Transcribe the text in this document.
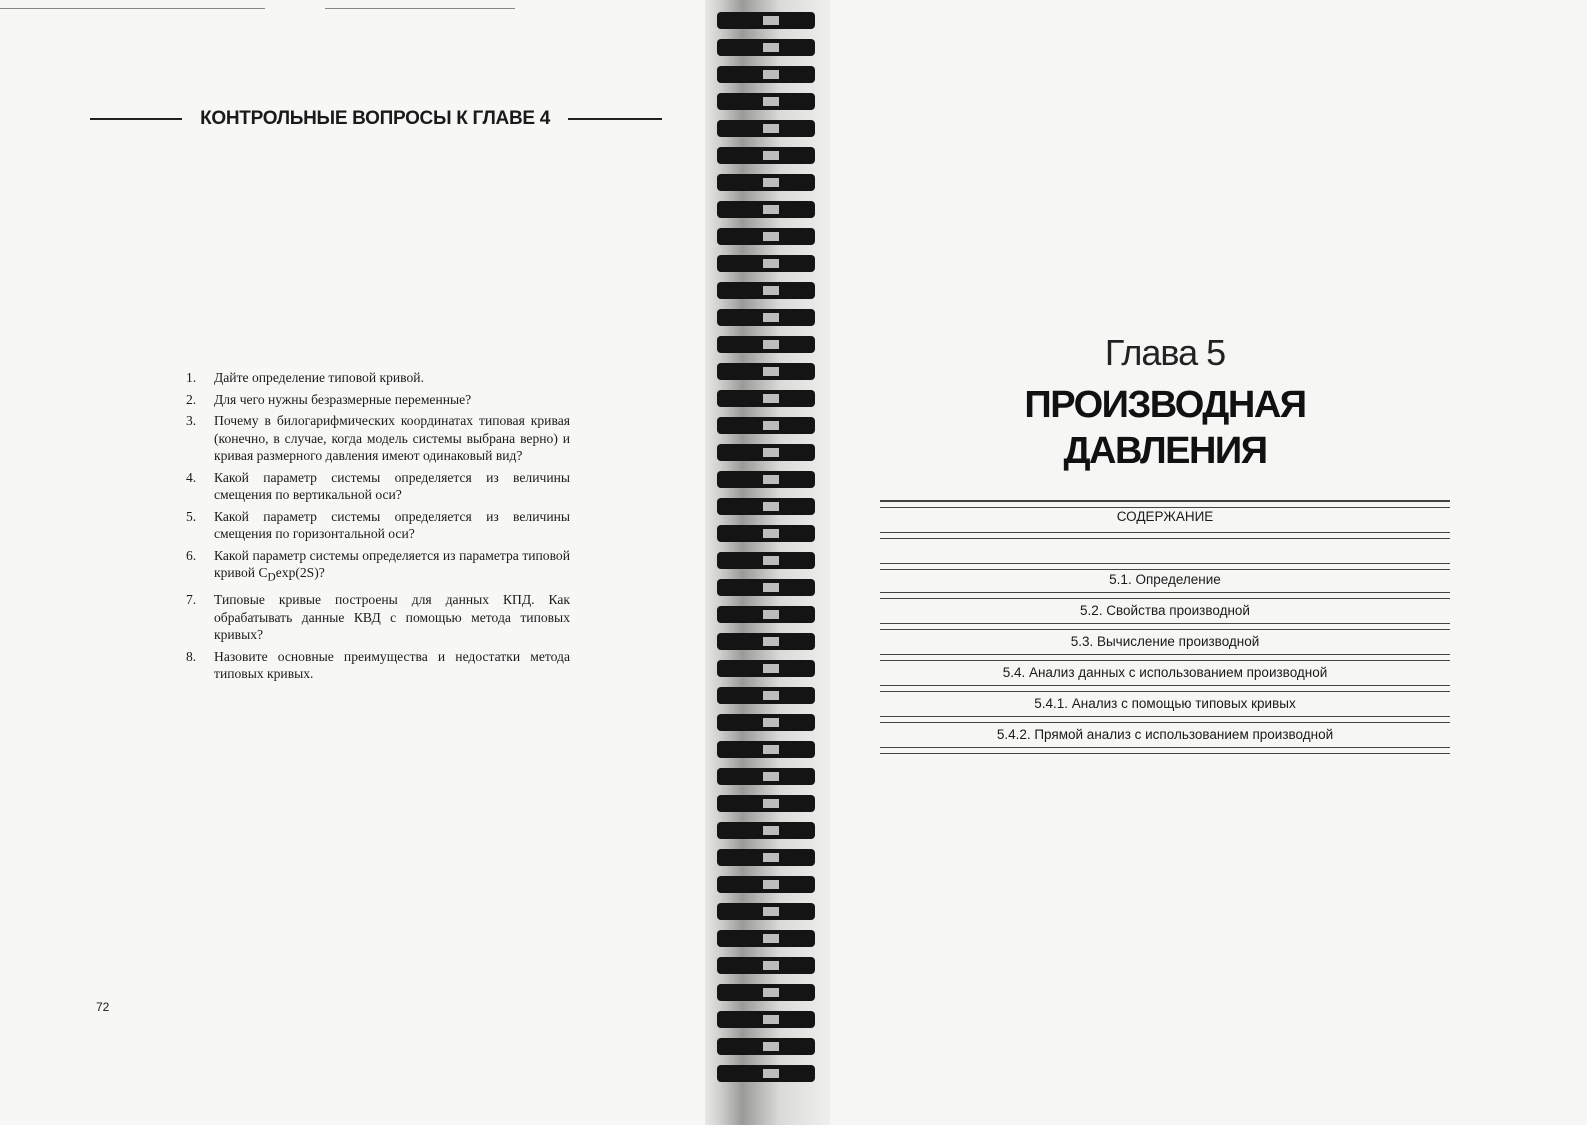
КОНТРОЛЬНЫЕ ВОПРОСЫ К ГЛАВЕ 4
1.	Дайте определение типовой кривой.
2.	Для чего нужны безразмерные переменные?
3.	Почему в билогарифмических координатах типовая кривая (конечно, в случае, когда модель системы выбрана верно) и кривая размерного давления имеют одинаковый вид?
4.	Какой параметр системы определяется из величины смещения по вертикальной оси?
5.	Какой параметр системы определяется из величины смещения по горизонтальной оси?
6.	Какой параметр системы определяется из параметра типовой кривой $C_D\exp(2S)$?
7.	Типовые кривые построены для данных КПД. Как обрабатывать данные КВД с помощью метода типовых кривых?
8.	Назовите основные преимущества и недостатки метода типовых кривых.
72
Глава 5
ПРОИЗВОДНАЯ
ДАВЛЕНИЯ
СОДЕРЖАНИЕ
5.1. Определение
5.2. Свойства производной
5.3. Вычисление производной
5.4. Анализ данных с использованием производной
5.4.1. Анализ с помощью типовых кривых
5.4.2. Прямой анализ с использованием производной
